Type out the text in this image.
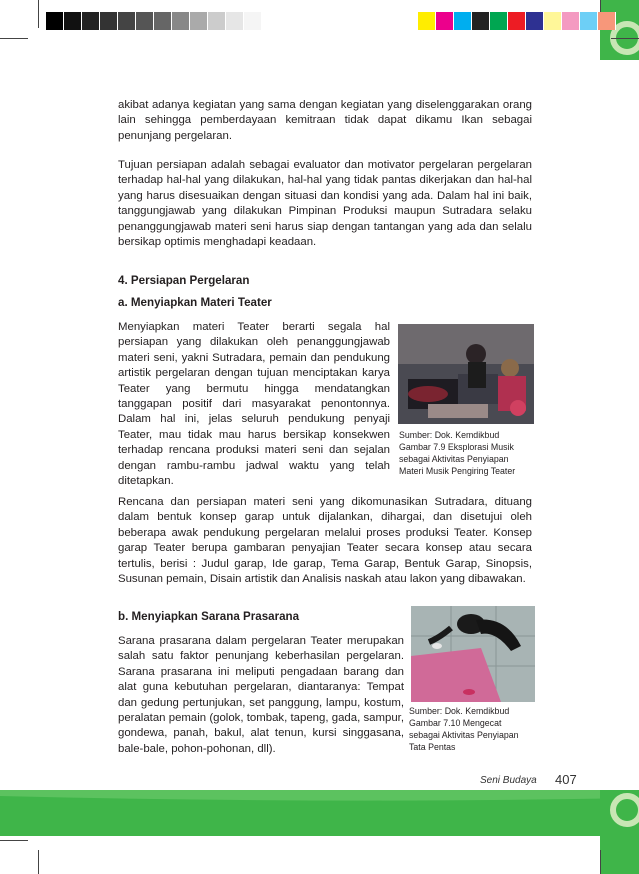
akibat adanya kegiatan yang sama dengan kegiatan yang diselenggarakan orang lain sehingga pemberdayaan kemitraan tidak dapat dikamu Ikan sebagai penunjang pergelaran.

Tujuan persiapan adalah sebagai evaluator dan motivator pergelaran pergelaran terhadap hal-hal yang dilakukan, hal-hal yang tidak pantas dikerjakan dan hal-hal yang harus disesuaikan dengan situasi dan kondisi yang ada. Dalam hal ini baik, tanggungjawab yang dilakukan Pimpinan Produksi maupun Sutradara selaku penanggungjawab materi seni harus siap dengan tantangan yang ada dan selalu bersikap optimis menghadapi keadaan.

4. Persiapan Pergelaran
a. Menyiapkan Materi Teater

Menyiapkan materi Teater berarti segala hal persiapan yang dilakukan oleh penanggungjawab materi seni, yakni Sutradara, pemain dan pendukung artistik pergelaran dengan tujuan menciptakan karya Teater yang bermutu hingga mendatangkan tanggapan positif dari masyarakat penontonnya. Dalam hal ini, jelas seluruh pendukung penyaji Teater, mau tidak mau harus bersikap konsekwen terhadap rencana produksi materi seni dan sejalan dengan rambu-rambu jadwal waktu yang telah ditetapkan.

Sumber: Dok. Kemdikbud
Gambar 7.9 Eksplorasi Musik
sebagai Aktivitas Penyiapan
Materi Musik Pengiring Teater

Rencana dan persiapan materi seni yang dikomunasikan Sutradara, dituang dalam bentuk konsep garap untuk dijalankan, dihargai, dan disetujui oleh beberapa awak pendukung pergelaran melalui proses produksi Teater. Konsep garap Teater berupa gambaran penyajian Teater secara konsep atau secara tertulis, berisi : Judul garap, Ide garap, Tema Garap, Bentuk Garap, Sinopsis, Susunan pemain, Disain artistik dan Analisis naskah atau lakon yang dibawakan.

b. Menyiapkan Sarana Prasarana

Sarana prasarana dalam pergelaran Teater merupakan salah satu faktor penunjang keberhasilan pergelaran. Sarana prasarana ini meliputi pengadaan barang dan alat guna kebutuhan pergelaran, diantaranya: Tempat dan gedung pertunjukan, set panggung, lampu, kostum, peralatan pemain (golok, tombak, tapeng, gada, sampur, gondewa, panah, bakul, alat tenun, kursi singgasana, bale-bale, pohon-pohonan, dll).

Sumber: Dok. Kemdikbud
Gambar 7.10 Mengecat
sebagai Aktivitas Penyiapan
Tata Pentas
Seni Budaya 407
